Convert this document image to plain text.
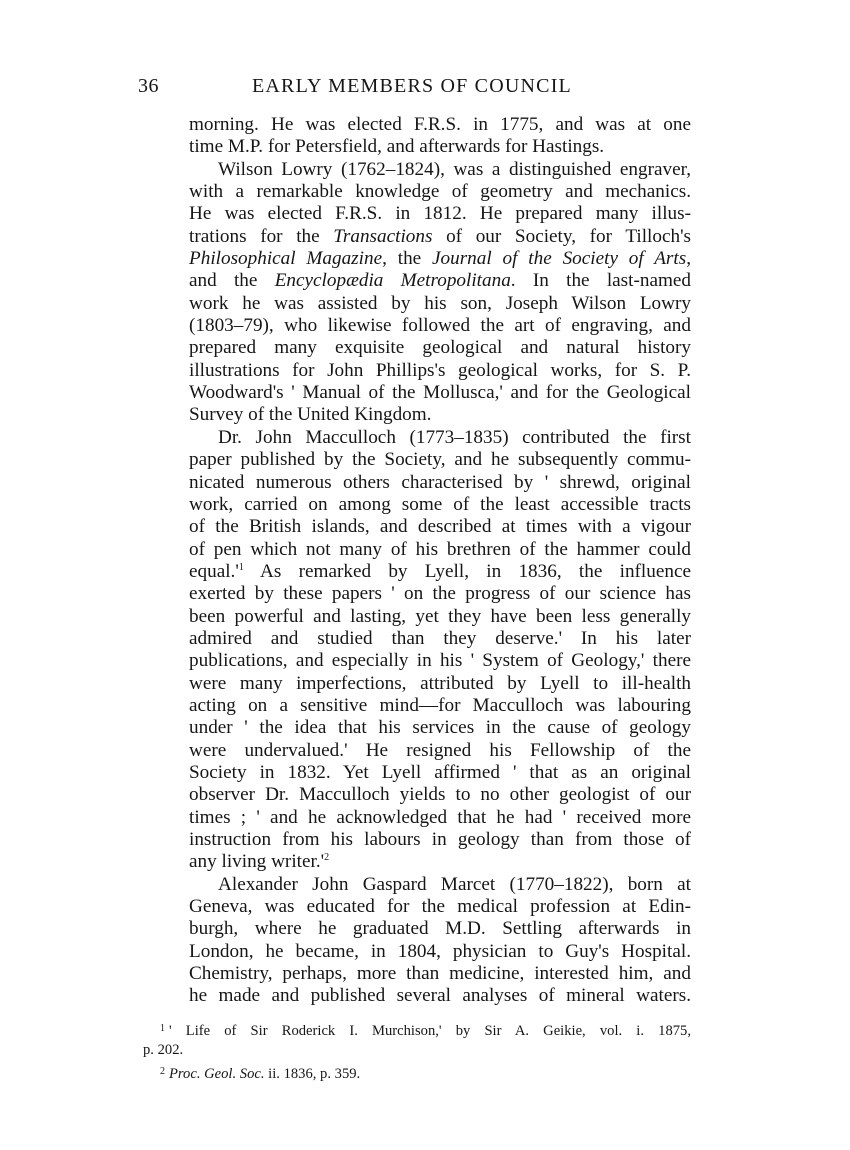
36	EARLY MEMBERS OF COUNCIL
morning. He was elected F.R.S. in 1775, and was at one
time M.P. for Petersfield, and afterwards for Hastings.
Wilson Lowry (1762–1824), was a distinguished engraver,
with a remarkable knowledge of geometry and mechanics.
He was elected F.R.S. in 1812. He prepared many illus-
trations for the Transactions of our Society, for Tilloch's
Philosophical Magazine, the Journal of the Society of Arts,
and the Encyclopædia Metropolitana. In the last-named
work he was assisted by his son, Joseph Wilson Lowry
(1803–79), who likewise followed the art of engraving, and
prepared many exquisite geological and natural history
illustrations for John Phillips's geological works, for S. P.
Woodward's ' Manual of the Mollusca,' and for the Geological
Survey of the United Kingdom.
Dr. John Macculloch (1773–1835) contributed the first
paper published by the Society, and he subsequently commu-
nicated numerous others characterised by ' shrewd, original
work, carried on among some of the least accessible tracts
of the British islands, and described at times with a vigour
of pen which not many of his brethren of the hammer could
$equal.'^1$ As remarked by Lyell, in 1836, the influence
exerted by these papers ' on the progress of our science has
been powerful and lasting, yet they have been less generally
admired and studied than they deserve.' In his later
publications, and especially in his ' System of Geology,' there
were many imperfections, attributed by Lyell to ill-health
acting on a sensitive mind—for Macculloch was labouring
under ' the idea that his services in the cause of geology
were undervalued.' He resigned his Fellowship of the
Society in 1832. Yet Lyell affirmed ' that as an original
observer Dr. Macculloch yields to no other geologist of our
times ; ' and he acknowledged that he had ' received more
instruction from his labours in geology than from those of
any living $writer.'^2$
Alexander John Gaspard Marcet (1770–1822), born at
Geneva, was educated for the medical profession at Edin-
burgh, where he graduated M.D. Settling afterwards in
London, he became, in 1804, physician to Guy's Hospital.
Chemistry, perhaps, more than medicine, interested him, and
he made and published several analyses of mineral waters.
$^1$ ' Life of Sir Roderick I. Murchison,' by Sir A. Geikie, vol. i. 1875,
p. 202.
$^2$ Proc. Geol. Soc. ii. 1836, p. 359.
